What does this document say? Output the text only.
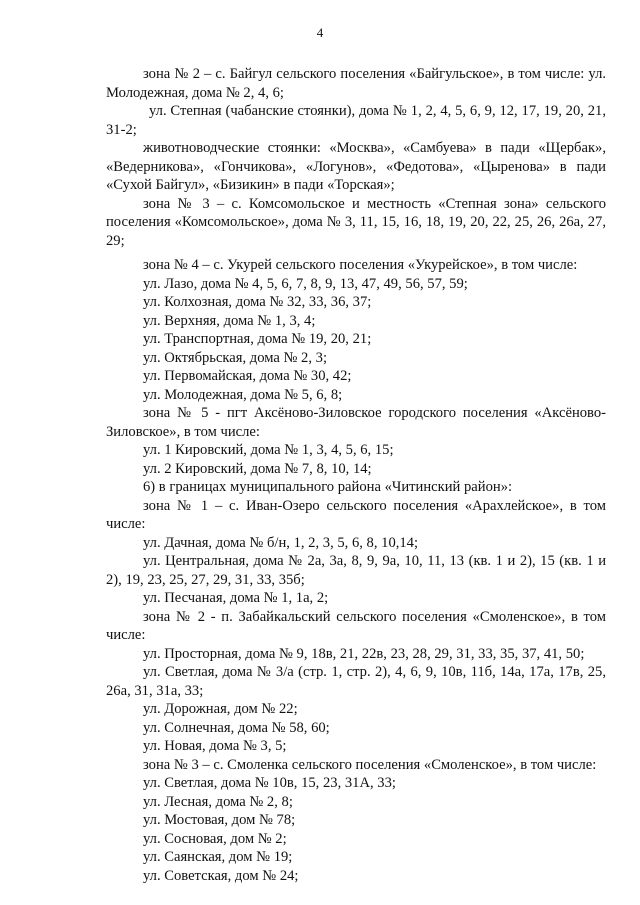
4

зона № 2 – с. Байгул сельского поселения «Байгульское», в том числе: ул. Молодежная, дома № 2, 4, 6;

ул. Степная (чабанские стоянки), дома № 1, 2, 4, 5, 6, 9, 12, 17, 19, 20, 21, 31-2;

животноводческие стоянки: «Москва», «Самбуева» в пади «Щербак», «Ведерникова», «Гончикова», «Логунов», «Федотова», «Цыренова» в пади «Сухой Байгул», «Бизикин» в пади «Торская»;

зона № 3 – с. Комсомольское и местность «Степная зона» сельского поселения «Комсомольское», дома № 3, 11, 15, 16, 18, 19, 20, 22, 25, 26, 26а, 27, 29;

зона № 4 – с. Укурей сельского поселения «Укурейское», в том числе:

ул. Лазо, дома № 4, 5, 6, 7, 8, 9, 13, 47, 49, 56, 57, 59;

ул. Колхозная, дома № 32, 33, 36, 37;

ул. Верхняя, дома № 1, 3, 4;

ул. Транспортная, дома № 19, 20, 21;

ул. Октябрьская, дома № 2, 3;

ул. Первомайская, дома № 30, 42;

ул. Молодежная, дома № 5, 6, 8;

зона № 5 - пгт Аксёново-Зиловское городского поселения «Аксёново-Зиловское», в том числе:

ул. 1 Кировский, дома № 1, 3, 4, 5, 6, 15;

ул. 2 Кировский, дома № 7, 8, 10, 14;

6) в границах муниципального района «Читинский район»:

зона № 1 – с. Иван-Озеро сельского поселения «Арахлейское», в том числе:

ул. Дачная, дома № б/н, 1, 2, 3, 5, 6, 8, 10,14;

ул. Центральная, дома № 2а, 3а, 8, 9, 9а, 10, 11, 13 (кв. 1 и 2), 15 (кв. 1 и 2), 19, 23, 25, 27, 29, 31, 33, 35б;

ул. Песчаная, дома № 1, 1а, 2;

зона № 2 - п. Забайкальский сельского поселения «Смоленское», в том числе:

ул. Просторная, дома № 9, 18в, 21, 22в, 23, 28, 29, 31, 33, 35, 37, 41, 50;

ул. Светлая, дома № 3/а (стр. 1, стр. 2), 4, 6, 9, 10в, 11б, 14а, 17а, 17в, 25, 26а, 31, 31а, 33;

ул. Дорожная, дом № 22;

ул. Солнечная, дома № 58, 60;

ул. Новая, дома № 3, 5;

зона № 3 – с. Смоленка сельского поселения «Смоленское», в том числе:

ул. Светлая, дома № 10в, 15, 23, 31А, 33;

ул. Лесная, дома № 2, 8;

ул. Мостовая, дом № 78;

ул. Сосновая, дом № 2;

ул. Саянская, дом № 19;

ул. Советская, дом № 24;
